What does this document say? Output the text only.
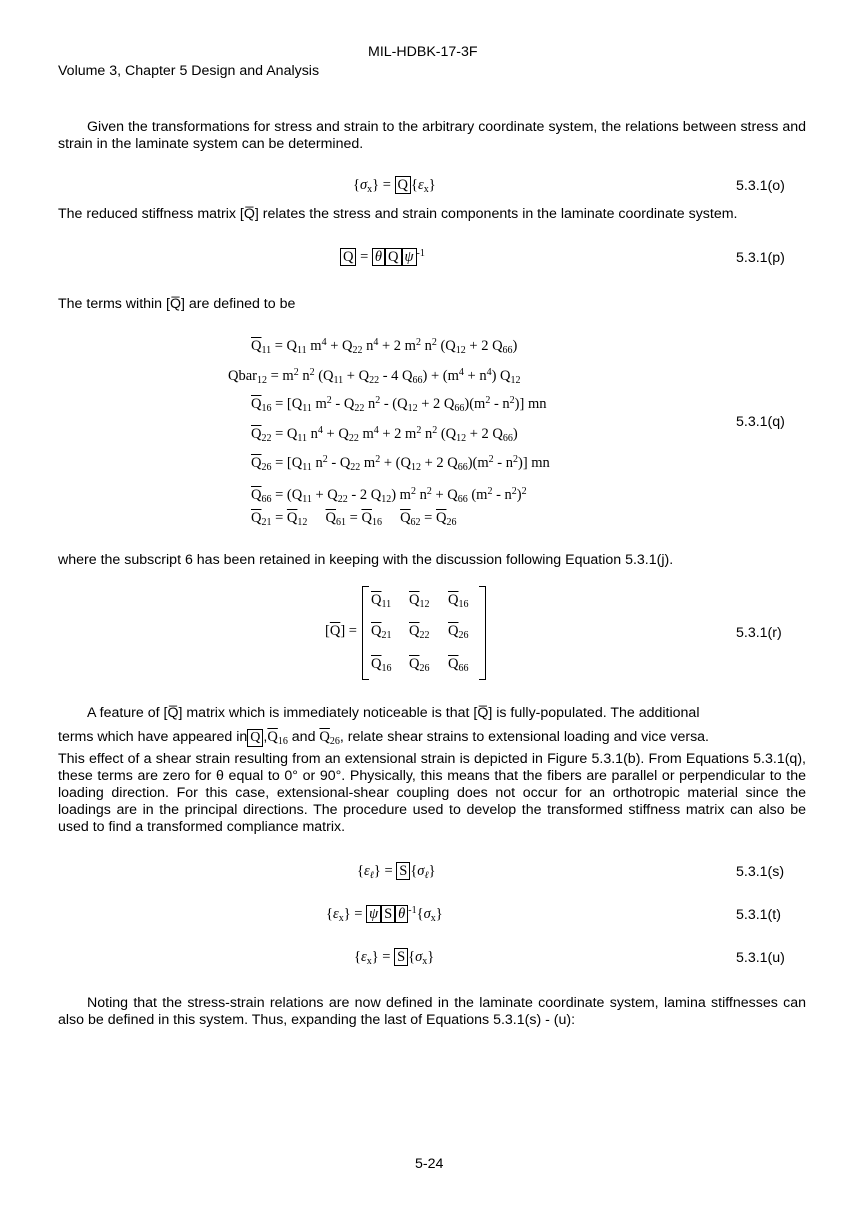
MIL-HDBK-17-3F
Volume 3, Chapter 5 Design and Analysis
Given the transformations for stress and strain to the arbitrary coordinate system, the relations between stress and strain in the laminate system can be determined.
$\{\sigma_x\} = \overline{Q}$ $\{\varepsilon_x\}$	5.3.1(o)
The reduced stiffness matrix [Q̅] relates the stress and strain components in the laminate coordinate system.
$\overline{Q} = \theta$ Q ψ $^{-1}$	5.3.1(p)
The terms within [Q̅] are defined to be
$\overline{Q}_{11} = Q_{11}$ $m^4 + Q_{22}$ $n^4 + 2$ $m^2$ $n^2$ ($Q_{12} + 2$ $Q_{66}$)
Qbar$_{12}$ = $m^2$ $n^2$ ($Q_{11} + Q_{22} - 4$ $Q_{66}) + (m^4 + n^4)$ $Q_{12}$
$\overline{Q}_{16} = [Q_{11}$ $m^2 - Q_{22}$ $n^2 - (Q_{12} + 2$ $Q_{66})(m^2 - n^2)$] mn
$\overline{Q}_{22} = Q_{11}$ $n^4 + Q_{22}$ $m^4 + 2$ $m^2$ $n^2$ ($Q_{12} + 2$ $Q_{66}$)
$\overline{Q}_{26} = [Q_{11}$ $n^2 - Q_{22}$ $m^2 + (Q_{12} + 2$ $Q_{66})(m^2 - n^2)$] mn
$\overline{Q}_{66} = (Q_{11} + Q_{22} - 2$ $Q_{12}$) $m^2$ $n^2 + Q_{66}$ $(m^2 - n^2)^2$
$\overline{Q}_{21} = \overline{Q}_{12}$ $\overline{Q}_{61} = \overline{Q}_{16}$ $\overline{Q}_{62} = \overline{Q}_{26}$
5.3.1(q)
where the subscript 6 has been retained in keeping with the discussion following Equation 5.3.1(j).
$[\overline{Q}]$ =
$\overline{Q}_{11}$ $\overline{Q}_{12}$ $\overline{Q}_{16}$
$\overline{Q}_{21}$ $\overline{Q}_{22}$ $\overline{Q}_{26}$
$\overline{Q}_{16}$ $\overline{Q}_{26}$ $\overline{Q}_{66}$
5.3.1(r)
A feature of [Q̅] matrix which is immediately noticeable is that [Q̅] is fully-populated. The additional
terms which have appeared in $\overline{Q}$ $,\overline{Q}_{16}$ and $\overline{Q}_{26}$, relate shear strains to extensional loading and vice versa.
This effect of a shear strain resulting from an extensional strain is depicted in Figure 5.3.1(b). From Equations 5.3.1(q), these terms are zero for θ equal to 0° or 90°. Physically, this means that the fibers are parallel or perpendicular to the loading direction. For this case, extensional-shear coupling does not occur for an orthotropic material since the loadings are in the principal directions. The procedure used to develop the transformed stiffness matrix can also be used to find a transformed compliance matrix.
$\{\varepsilon_\ell\} = S$ $\{\sigma_\ell\}$	5.3.1(s)
$\{\varepsilon_x\} = \psi$ S θ $^{-1}\{\sigma_x\}$	5.3.1(t)
$\{\varepsilon_x\} = \overline{S}$ $\{\sigma_x\}$	5.3.1(u)
Noting that the stress-strain relations are now defined in the laminate coordinate system, lamina stiffnesses can also be defined in this system. Thus, expanding the last of Equations 5.3.1(s) - (u):
5-24
